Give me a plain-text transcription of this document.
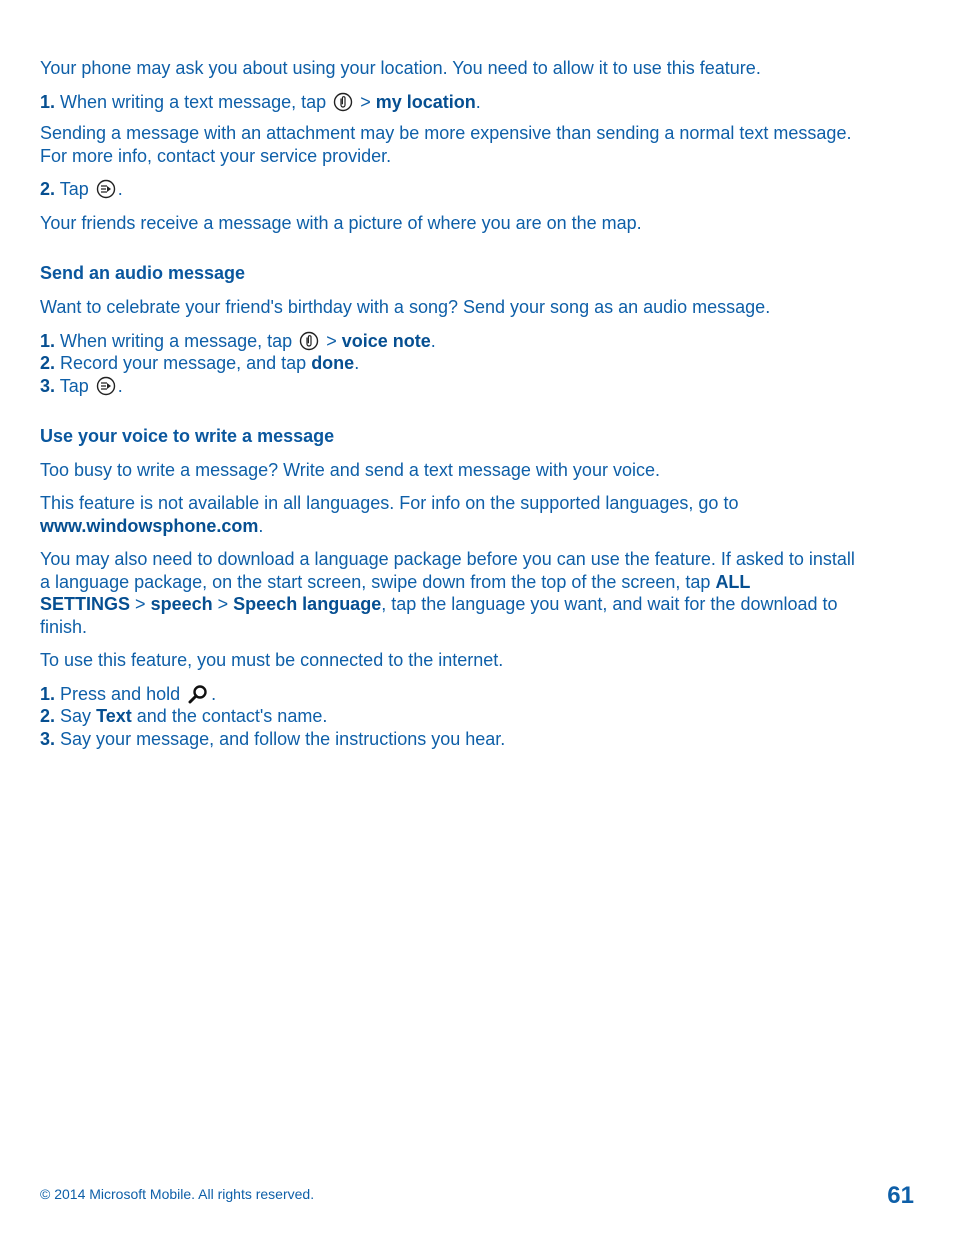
Your phone may ask you about using your location. You need to allow it to use this feature.

1. When writing a text message, tap > my location.

Sending a message with an attachment may be more expensive than sending a normal text message.

For more info, contact your service provider.

2. Tap .

Your friends receive a message with a picture of where you are on the map.

Send an audio message

Want to celebrate your friend's birthday with a song? Send your song as an audio message.

1. When writing a message, tap > voice note.

2. Record your message, and tap done.

3. Tap .

Use your voice to write a message

Too busy to write a message? Write and send a text message with your voice.

This feature is not available in all languages. For info on the supported languages, go to

www.windowsphone.com.

You may also need to download a language package before you can use the feature. If asked to install

a language package, on the start screen, swipe down from the top of the screen, tap ALL

SETTINGS > speech > Speech language, tap the language you want, and wait for the download to

finish.

To use this feature, you must be connected to the internet.

1. Press and hold .

2. Say Text and the contact's name.

3. Say your message, and follow the instructions you hear.

© 2014 Microsoft Mobile. All rights reserved.	61
